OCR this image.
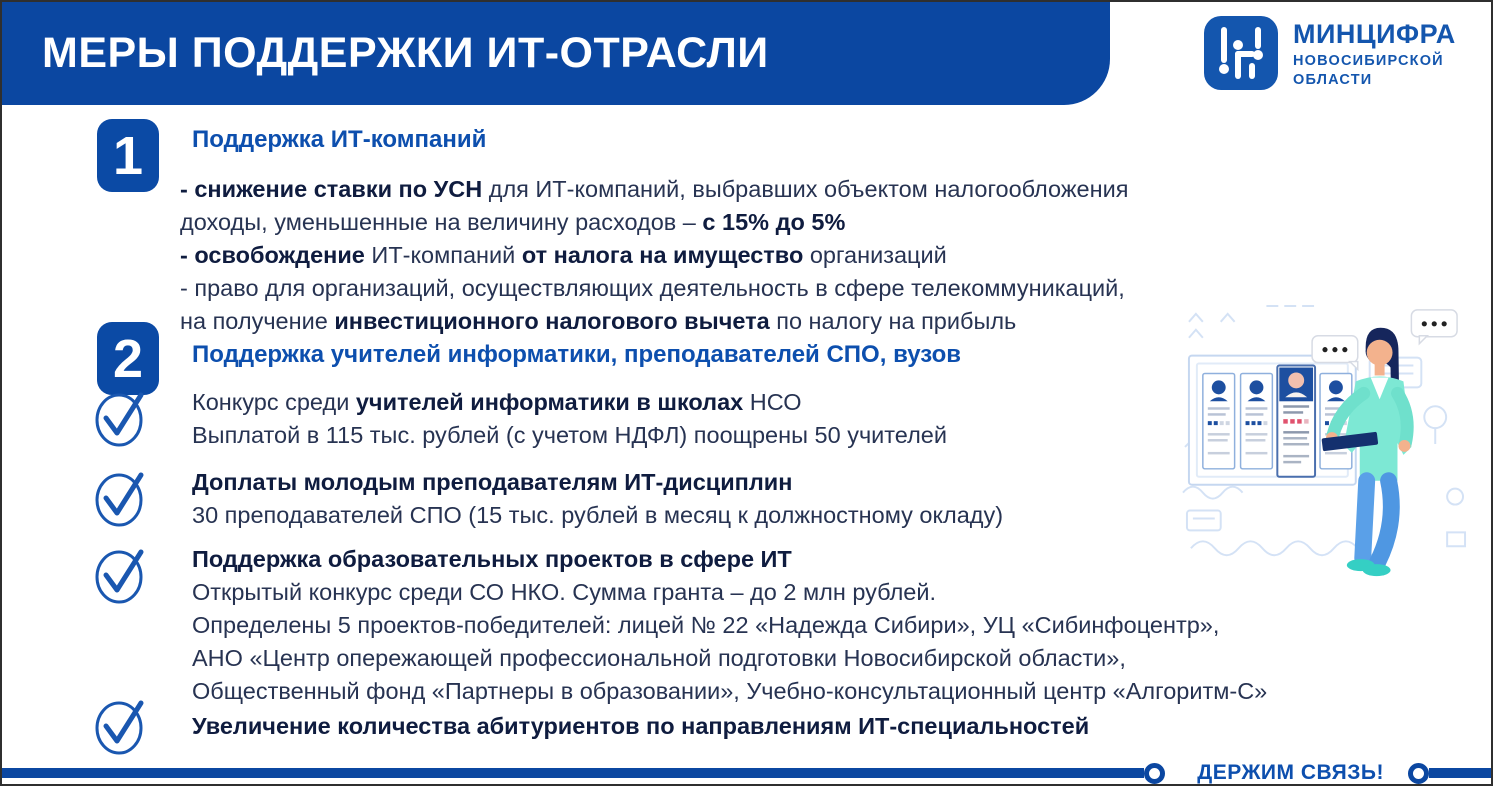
МЕРЫ ПОДДЕРЖКИ ИТ-ОТРАСЛИ	МИНЦИФРА
НОВОСИБИРСКОЙ
ОБЛАСТИ
1 Поддержка ИТ-компаний
- снижение ставки по УСН для ИТ-компаний, выбравших объектом налогообложения
доходы, уменьшенные на величину расходов – с 15% до 5%
- освобождение ИТ-компаний от налога на имущество организаций
- право для организаций, осуществляющих деятельность в сфере телекоммуникаций,
на получение инвестиционного налогового вычета по налогу на прибыль
2 Поддержка учителей информатики, преподавателей СПО, вузов
Конкурс среди учителей информатики в школах НСО
Выплатой в 115 тыс. рублей (с учетом НДФЛ) поощрены 50 учителей
Доплаты молодым преподавателям ИТ-дисциплин
30 преподавателей СПО (15 тыс. рублей в месяц к должностному окладу)
Поддержка образовательных проектов в сфере ИТ
Открытый конкурс среди СО НКО. Сумма гранта – до 2 млн рублей.
Определены 5 проектов-победителей: лицей № 22 «Надежда Сибири», УЦ «Сибинфоцентр»,
АНО «Центр опережающей профессиональной подготовки Новосибирской области»,
Общественный фонд «Партнеры в образовании», Учебно-консультационный центр «Алгоритм-С»
Увеличение количества абитуриентов по направлениям ИТ-специальностей
ДЕРЖИМ СВЯЗЬ!
